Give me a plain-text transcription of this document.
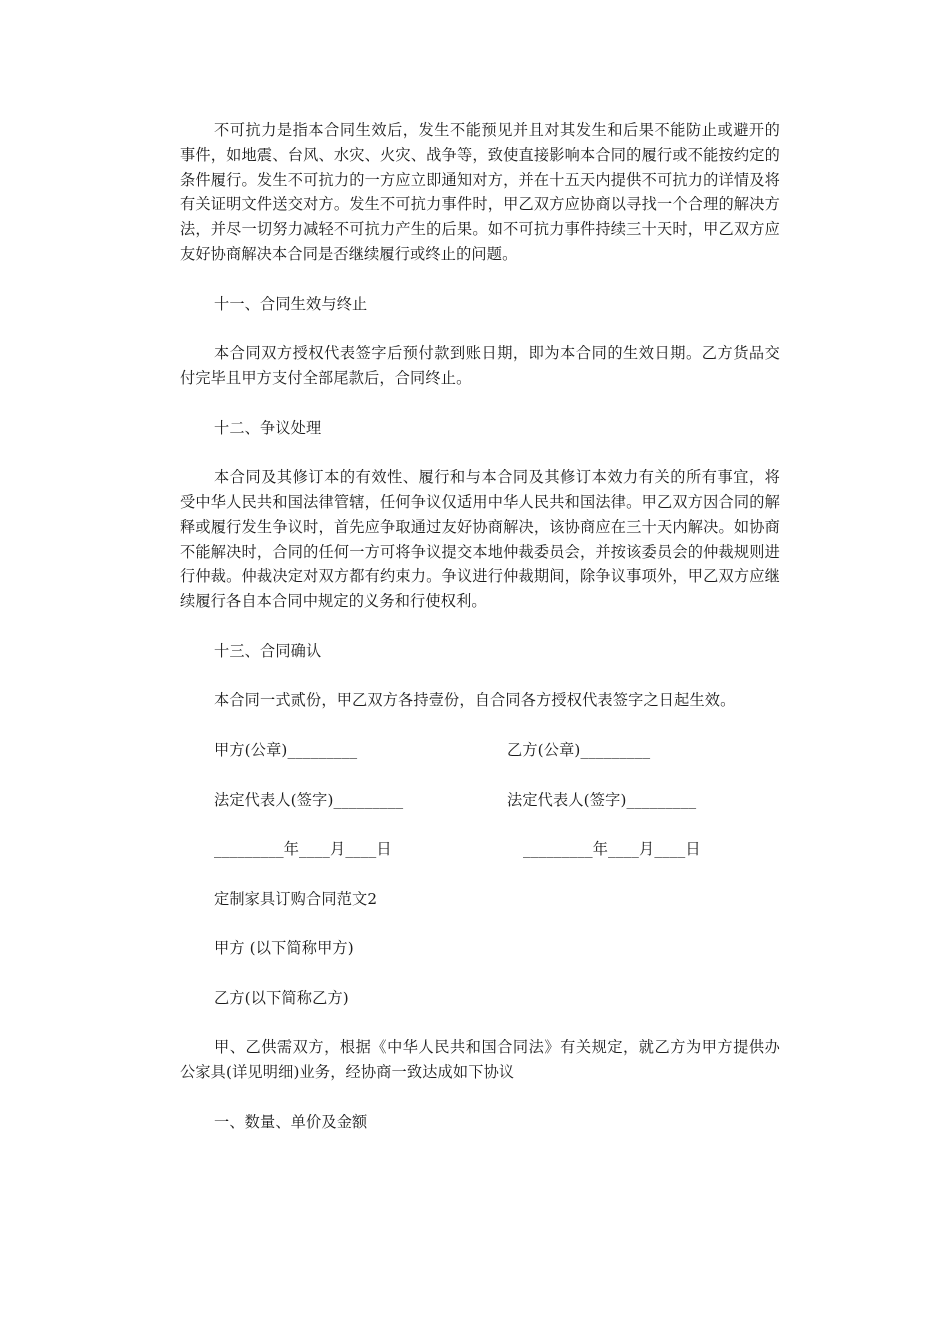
不可抗力是指本合同生效后，发生不能预见并且对其发生和后果不能防止或避开的事件，如地震、台风、水灾、火灾、战争等，致使直接影响本合同的履行或不能按约定的条件履行。发生不可抗力的一方应立即通知对方，并在十五天内提供不可抗力的详情及将有关证明文件送交对方。发生不可抗力事件时，甲乙双方应协商以寻找一个合理的解决方法，并尽一切努力减轻不可抗力产生的后果。如不可抗力事件持续三十天时，甲乙双方应友好协商解决本合同是否继续履行或终止的问题。

十一、合同生效与终止

本合同双方授权代表签字后预付款到账日期，即为本合同的生效日期。乙方货品交付完毕且甲方支付全部尾款后，合同终止。

十二、争议处理

本合同及其修订本的有效性、履行和与本合同及其修订本效力有关的所有事宜，将受中华人民共和国法律管辖，任何争议仅适用中华人民共和国法律。甲乙双方因合同的解释或履行发生争议时，首先应争取通过友好协商解决，该协商应在三十天内解决。如协商不能解决时，合同的任何一方可将争议提交本地仲裁委员会，并按该委员会的仲裁规则进行仲裁。仲裁决定对双方都有约束力。争议进行仲裁期间，除争议事项外，甲乙双方应继续履行各自本合同中规定的义务和行使权利。

十三、合同确认

本合同一式贰份，甲乙双方各持壹份，自合同各方授权代表签字之日起生效。

甲方(公章)_________	乙方(公章)_________
法定代表人(签字)_________	法定代表人(签字)_________
_________年____月____日	_________年____月____日

定制家具订购合同范文2

甲方 (以下简称甲方)

乙方(以下简称乙方)

甲、乙供需双方，根据《中华人民共和国合同法》有关规定，就乙方为甲方提供办公家具(详见明细)业务，经协商一致达成如下协议

一、数量、单价及金额
